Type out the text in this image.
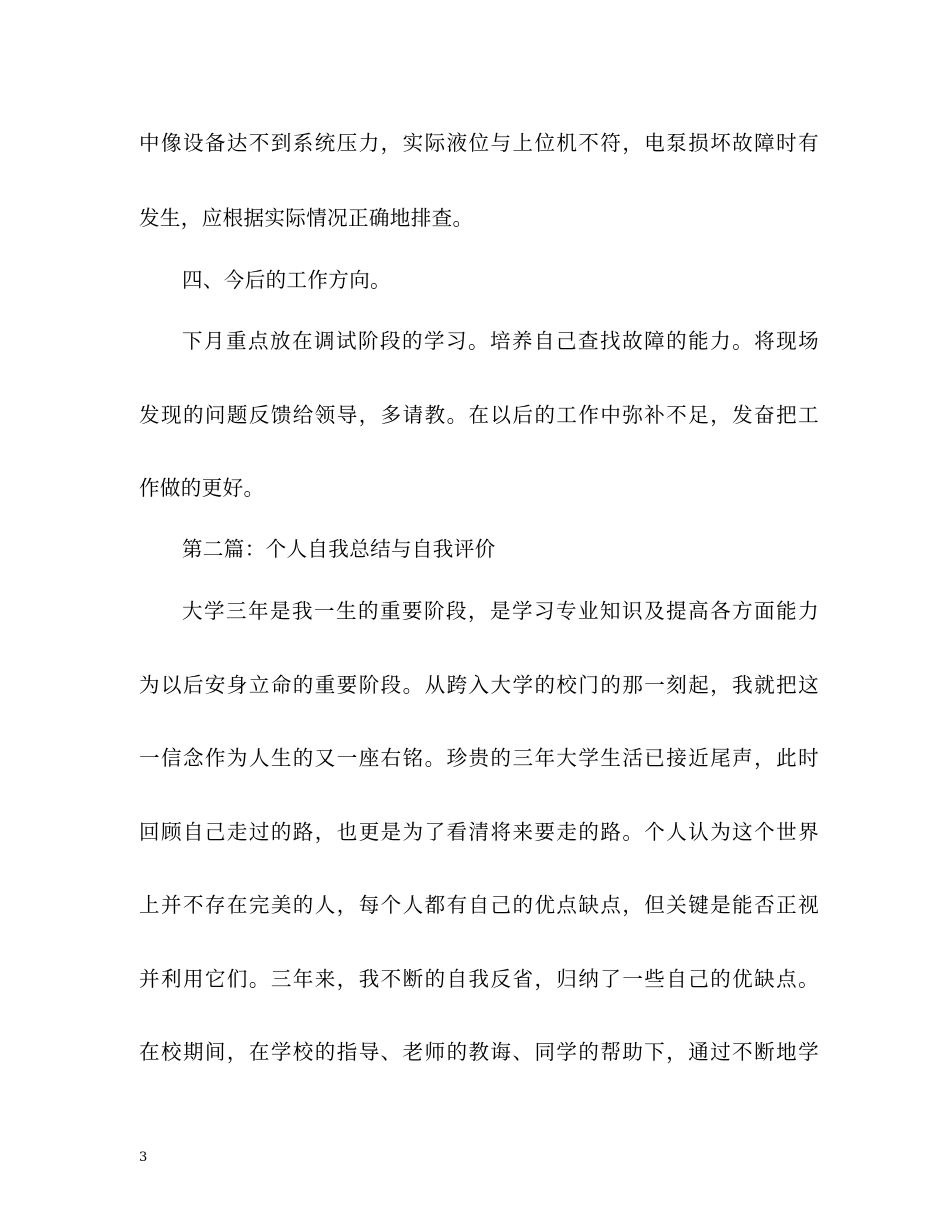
中像设备达不到系统压力，实际液位与上位机不符，电泵损坏故障时有
发生，应根据实际情况正确地排查。
四、今后的工作方向。
下月重点放在调试阶段的学习。培养自己查找故障的能力。将现场
发现的问题反馈给领导，多请教。在以后的工作中弥补不足，发奋把工
作做的更好。
第二篇：个人自我总结与自我评价
大学三年是我一生的重要阶段，是学习专业知识及提高各方面能力
为以后安身立命的重要阶段。从跨入大学的校门的那一刻起，我就把这
一信念作为人生的又一座右铭。珍贵的三年大学生活已接近尾声，此时
回顾自己走过的路，也更是为了看清将来要走的路。个人认为这个世界
上并不存在完美的人，每个人都有自己的优点缺点，但关键是能否正视
并利用它们。三年来，我不断的自我反省，归纳了一些自己的优缺点。
在校期间，在学校的指导、老师的教诲、同学的帮助下，通过不断地学
3
